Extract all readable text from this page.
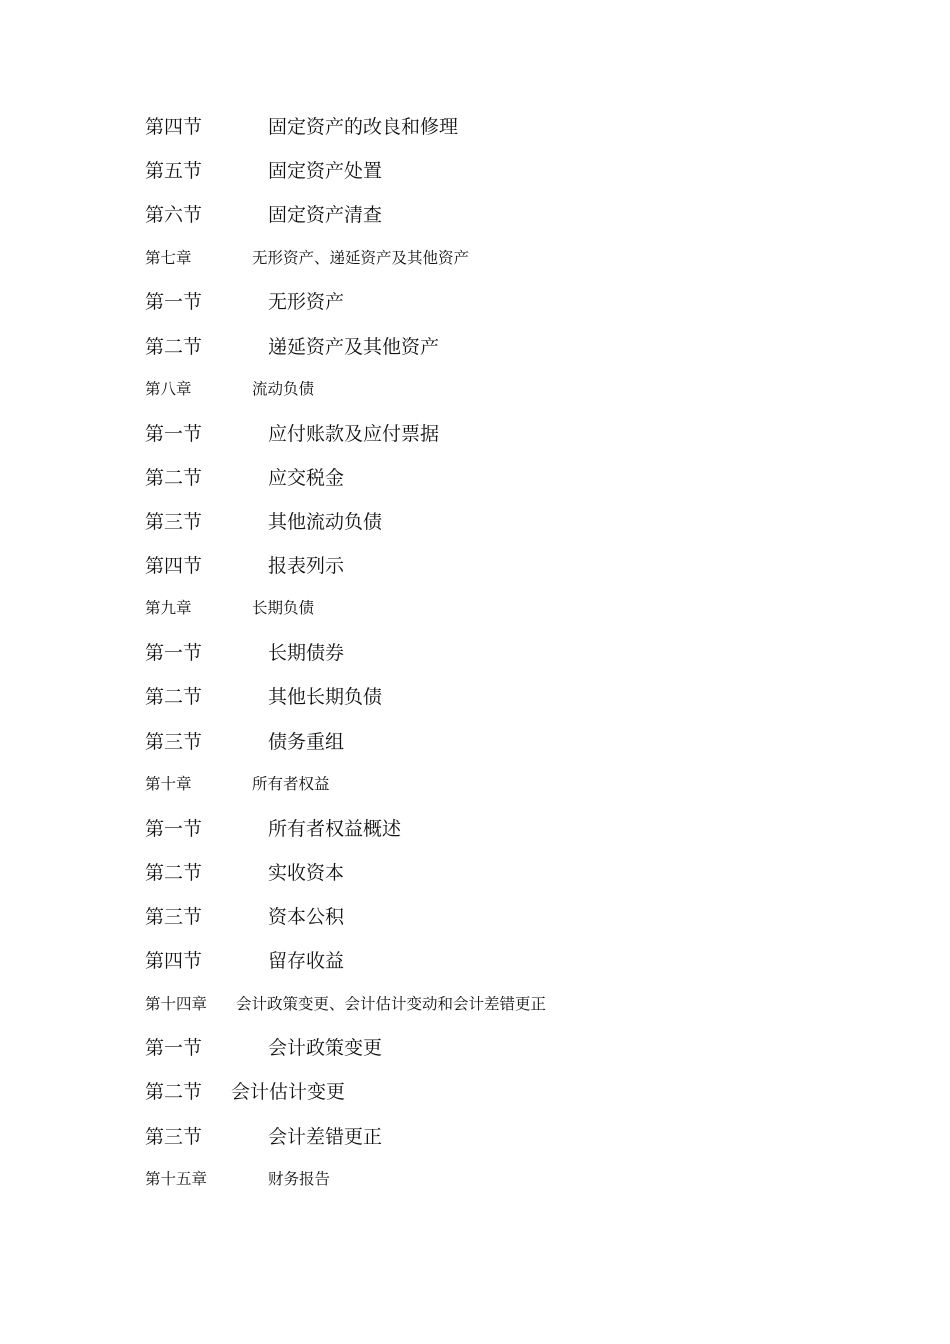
第四节	固定资产的改良和修理
第五节	固定资产处置
第六节	固定资产清查
第七章	无形资产、递延资产及其他资产
第一节	无形资产
第二节	递延资产及其他资产
第八章	流动负债
第一节	应付账款及应付票据
第二节	应交税金
第三节	其他流动负债
第四节	报表列示
第九章	长期负债
第一节	长期债券
第二节	其他长期负债
第三节	债务重组
第十章	所有者权益
第一节	所有者权益概述
第二节	实收资本
第三节	资本公积
第四节	留存收益
第十四章 会计政策变更、会计估计变动和会计差错更正
第一节	会计政策变更
第二节 会计估计变更
第三节	会计差错更正
第十五章	财务报告
